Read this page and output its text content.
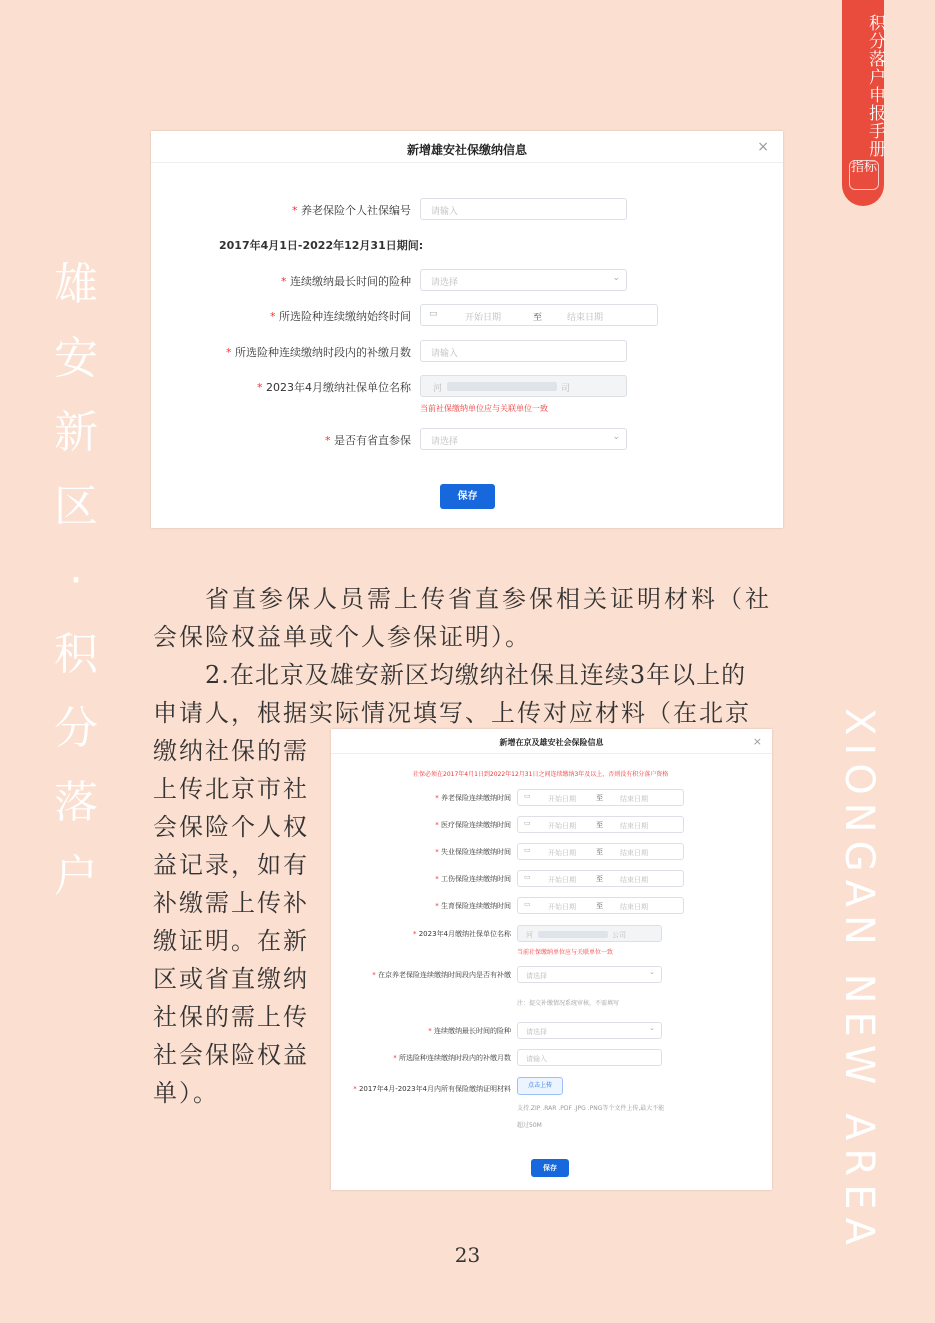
积分落户申报手册
指标
雄
安
新
区
·
积
分
落
户	XIONGAN NEW AREA
新增雄安社保缴纳信息	×
* 养老保险个人社保编号	请输入
2017年4月1日-2022年12月31日期间:
* 连续缴纳最长时间的险种	请选择	⌄
* 所选险种连续缴纳始终时间 ▭	开始日期	至	结束日期
* 所选险种连续缴纳时段内的补缴月数	请输入
* 2023年4月缴纳社保单位名称 河	司
当前社保缴纳单位应与关联单位一致
* 是否有省直参保	请选择	⌄
保存
省直参保人员需上传省直参保相关证明材料（社
会保险权益单或个人参保证明）。
2.在北京及雄安新区均缴纳社保且连续3年以上的
申请人，根据实际情况填写、上传对应材料（在北京
缴纳社保的需
上传北京市社
会保险个人权
益记录，如有
补缴需上传补
缴证明。在新
区或省直缴纳
社保的需上传
社会保险权益
单）。
新增在京及雄安社会保险信息	×
社保必须在2017年4月1日到2022年12月31日之间连续缴纳3年及以上，否则没有积分落户资格
* 养老保险连续缴纳时间 ▭ 开始日期	至 结束日期
* 医疗保险连续缴纳时间 ▭ 开始日期	至 结束日期
* 失业保险连续缴纳时间 ▭ 开始日期	至 结束日期
* 工伤保险连续缴纳时间 ▭ 开始日期	至 结束日期
* 生育保险连续缴纳时间 ▭ 开始日期	至 结束日期
* 2023年4月缴纳社保单位名称 河	公司
当前社保缴纳单位应与关联单位一致
* 在京养老保险连续缴纳时间段内是否有补缴	请选择	⌄
注：提交补缴情况系统审核，不需填写
* 连续缴纳最长时间的险种	请选择	⌄
* 所选险种连续缴纳时段内的补缴月数	请输入
* 2017年4月-2023年4月内所有保险缴纳证明材料	点击上传
支持.ZIP .RAR .PDF .JPG .PNG等个文件上传,最大不能
超过50M
保存
23
